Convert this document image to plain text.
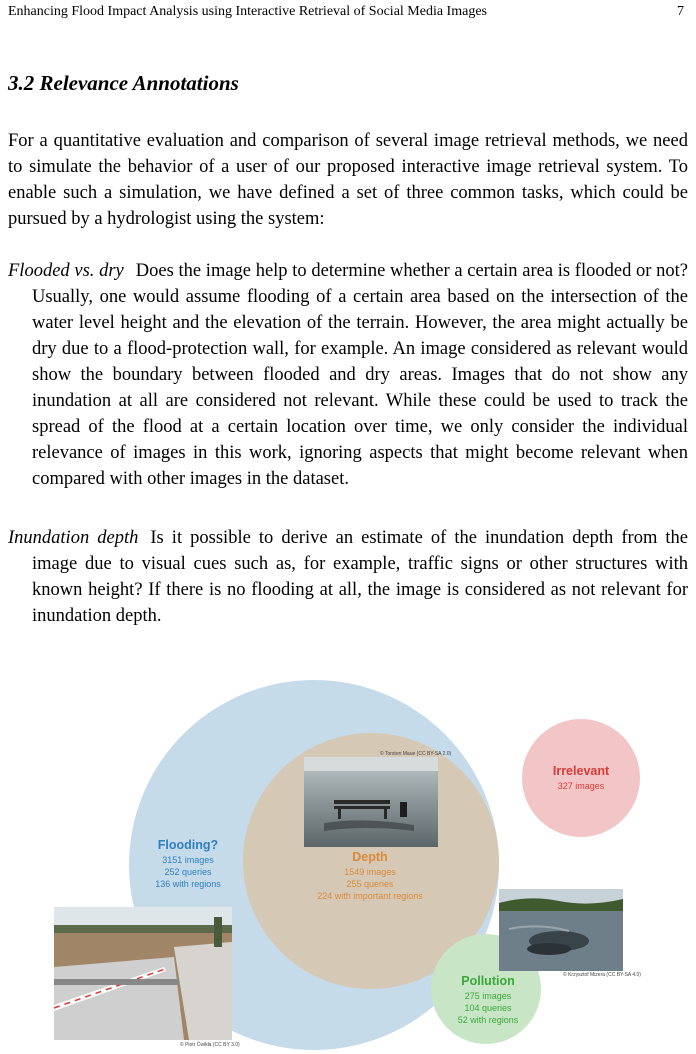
Enhancing Flood Impact Analysis using Interactive Retrieval of Social Media Images	7
3.2 Relevance Annotations

For a quantitative evaluation and comparison of several image retrieval methods, we need to simulate the behavior of a user of our proposed interactive image retrieval system. To enable such a simulation, we have defined a set of three common tasks, which could be pursued by a hydrologist using the system:

Flooded vs. dry Does the image help to determine whether a certain area is flooded or not? Usually, one would assume flooding of a certain area based on the intersection of the water level height and the elevation of the terrain. However, the area might actually be dry due to a flood-protection wall, for example. An image considered as relevant would show the boundary between flooded and dry areas. Images that do not show any inundation at all are considered not relevant. While these could be used to track the spread of the flood at a certain location over time, we only consider the individual relevance of images in this work, ignoring aspects that might become relevant when compared with other images in the dataset.

Inundation depth Is it possible to derive an estimate of the inundation depth from the image due to visual cues such as, for example, traffic signs or other structures with known height? If there is no flooding at all, the image is considered as not relevant for inundation depth.

© Torsten Maue (CC BY-SA 2.0)
© Piotr Ćwikła (CC BY 3.0)
© Krzysztof Mizera (CC BY-SA 4.0)
Flooding?
3151 images
252 queries
136 with regions
Depth
1549 images
255 queries
224 with important regions
Irrelevant
327 images
Pollution
275 images
104 queries
52 with regions
